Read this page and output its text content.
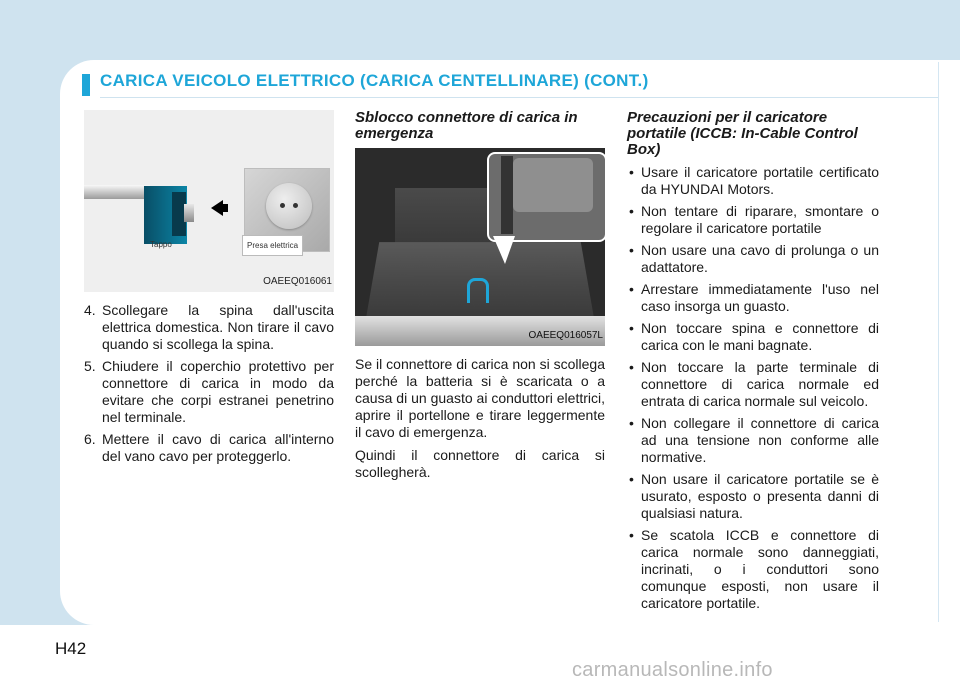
CARICA VEICOLO ELETTRICO (CARICA CENTELLINARE) (CONT.)
Tappo	Presa elettrica
OAEEQ016061
4. Scollegare la spina dall'uscita elettrica domestica. Non tirare il cavo quando si scollega la spina.
5. Chiudere il coperchio protettivo per connettore di carica in modo da evitare che corpi estranei penetrino nel terminale.
6. Mettere il cavo di carica all'interno del vano cavo per proteggerlo.
Sblocco connettore di carica in emergenza
OAEEQ016057L

Se il connettore di carica non si scollega perché la batteria si è scaricata o a causa di un guasto ai conduttori elettrici, aprire il portellone e tirare leggermente il cavo di emergenza.

Quindi il connettore di carica si scollegherà.

Precauzioni per il caricatore portatile (ICCB: In-Cable Control Box)
• Usare il caricatore portatile certificato da HYUNDAI Motors.
• Non tentare di riparare, smontare o regolare il caricatore portatile
• Non usare una cavo di prolunga o un adattatore.
• Arrestare immediatamente l'uso nel caso insorga un guasto.
• Non toccare spina e connettore di carica con le mani bagnate.
• Non toccare la parte terminale di connettore di carica normale ed entrata di carica normale sul veicolo.
• Non collegare il connettore di carica ad una tensione non conforme alle normative.
• Non usare il caricatore portatile se è usurato, esposto o presenta danni di qualsiasi natura.
• Se scatola ICCB e connettore di carica normale sono danneggiati, incrinati, o i conduttori sono comunque esposti, non usare il caricatore portatile.
H42
carmanualsonline.info
